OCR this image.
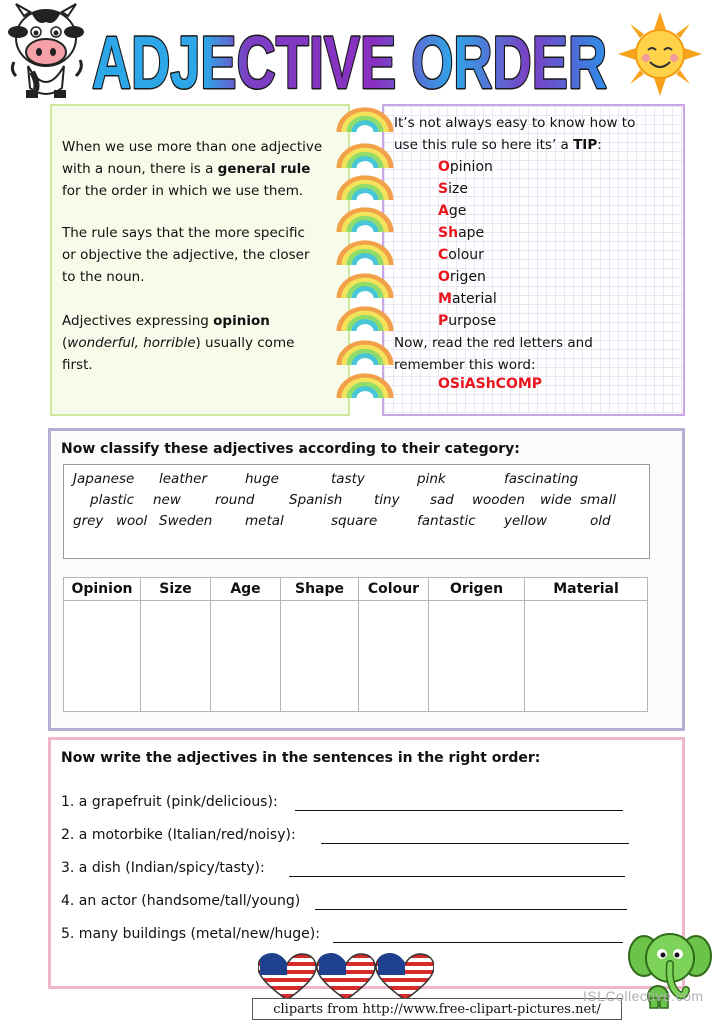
ADJECTIVE ORDER
When we use more than one adjective
with a noun, there is a general rule
for the order in which we use them.
The rule says that the more specific
or objective the adjective, the closer
to the noun.
Adjectives expressing opinion
(wonderful, horrible) usually come
first.
It’s not always easy to know how to
use this rule so here its’ a TIP:
Opinion
Size
Age
Shape
Colour
Origen
Material
Purpose
Now, read the red letters and
remember this word:
OSiAShCOMP
Now classify these adjectives according to their category:
Japanese leather	huge	tasty	pink	fascinating
plastic new	round	Spanish tiny sad wooden wide small
grey wool Sweden metal	square	fantastic yellow	old
Opinion	Size	Age	Shape	Colour	Origen	Material

Now write the adjectives in the sentences in the right order:
1. a grapefruit (pink/delicious):
2. a motorbike (Italian/red/noisy):
3. a dish (Indian/spicy/tasty):
4. an actor (handsome/tall/young)
5. many buildings (metal/new/huge):
cliparts from http://www.free-clipart-pictures.net/
ISLCollective.com
